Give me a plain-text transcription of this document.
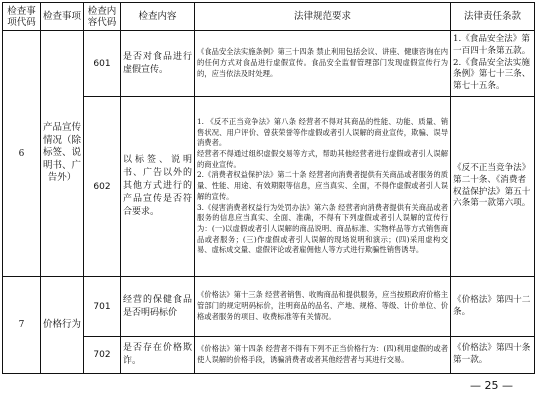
检查事项代码	检查事项	检查内容代码	检查内容	法律规范要求	法律责任条款
6	产品宣传情况（除标签、说明书、广告外）	601	是否对食品进行虚假宣传。	《食品安全法实施条例》第三十四条 禁止利用包括会议、讲座、健康咨询在内的任何方式对食品进行虚假宣传。食品安全监督管理部门发现虚假宣传行为的，应当依法及时处理。	1.《食品安全法》第一百四十条第五款。2.《食品安全法实施条例》第七十三条、第七十五条。
		602	以标签、说明书、广告以外的其他方式进行的产品宣传是否符合要求。	1. 《反不正当竞争法》第八条 经营者不得对其商品的性能、功能、质量、销售状况、用户评价、曾获荣誉等作虚假或者引人误解的商业宣传，欺骗、误导消费者。
经营者不得通过组织虚假交易等方式，帮助其他经营者进行虚假或者引人误解的商业宣传。
2.《消费者权益保护法》第二十条 经营者向消费者提供有关商品或者服务的质量、性能、用途、有效期限等信息，应当真实、全面，不得作虚假或者引人误解的宣传。
3.《侵害消费者权益行为处罚办法》第六条 经营者向消费者提供有关商品或者服务的信息应当真实、全面、准确，不得有下列虚假或者引人误解的宣传行为：(一)以虚假或者引人误解的商品说明、商品标准、实物样品等方式销售商品或者服务；(三)作虚假或者引人误解的现场说明和演示；(四)采用虚构交易、虚标成交量、虚假评论或者雇佣他人等方式进行欺骗性销售诱导。	《反不正当竞争法》第二十条、《消费者权益保护法》第五十六条第一款第六项。
7	价格行为	701	经营的保健食品是否明码标价	《价格法》第十三条 经营者销售、收购商品和提供服务，应当按照政府价格主管部门的规定明码标价，注明商品的品名、产地、规格、等级、计价单位、价格或者服务的项目、收费标准等有关情况。	《价格法》第四十二条。
		702	是否存在价格欺诈。	《价格法》第十四条 经营者不得有下列不正当价格行为：(四)利用虚假的或者使人误解的价格手段，诱骗消费者或者其他经营者与其进行交易。	《价格法》第四十条第一款。
— 25 —
